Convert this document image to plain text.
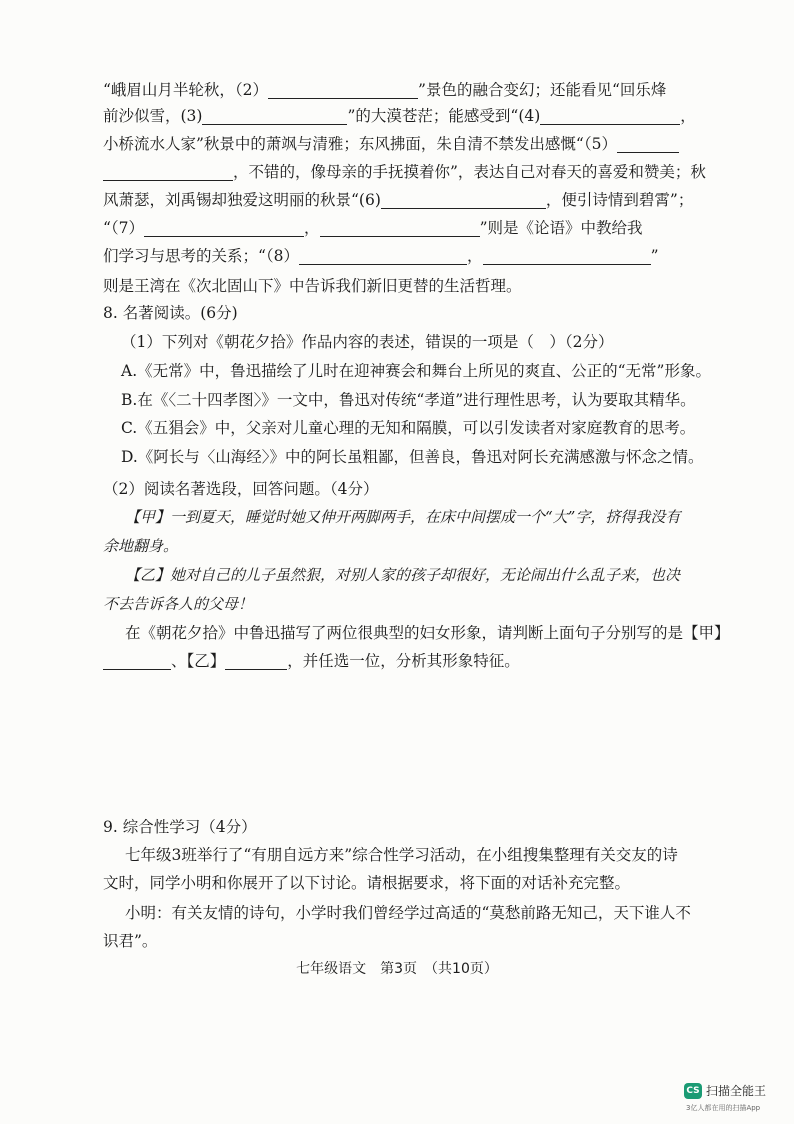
“峨眉山月半轮秋，（2）	”景色的融合变幻；还能看见“回乐烽
前沙似雪，(3)	”的大漠苍茫；能感受到“(4)	，
小桥流水人家”秋景中的萧飒与清雅；东风拂面，朱自清不禁发出感慨“（5）
，不错的，像母亲的手抚摸着你”，表达自己对春天的喜爱和赞美；秋
风萧瑟，刘禹锡却独爱这明丽的秋景“(6)	，便引诗情到碧霄”；
“（7）	，	”则是《论语》中教给我
们学习与思考的关系；“（8）	，	”
则是王湾在《次北固山下》中告诉我们新旧更替的生活哲理。
8. 名著阅读。(6分)
（1）下列对《朝花夕拾》作品内容的表述，错误的一项是（　）（2分）
A.《无常》中，鲁迅描绘了儿时在迎神赛会和舞台上所见的爽直、公正的“无常”形象。
B.在《〈二十四孝图〉》一文中，鲁迅对传统“孝道”进行理性思考，认为要取其精华。
C.《五猖会》中，父亲对儿童心理的无知和隔膜，可以引发读者对家庭教育的思考。
D.《阿长与〈山海经〉》中的阿长虽粗鄙，但善良，鲁迅对阿长充满感激与怀念之情。
（2）阅读名著选段，回答问题。（4分）
【甲】一到夏天，睡觉时她又伸开两脚两手，在床中间摆成一个“大”字，挤得我没有
余地翻身。
【乙】她对自己的儿子虽然狠，对别人家的孩子却很好，无论闹出什么乱子来，也决
不去告诉各人的父母！
在《朝花夕拾》中鲁迅描写了两位很典型的妇女形象，请判断上面句子分别写的是【甲】
、【乙】	，并任选一位，分析其形象特征。
9. 综合性学习（4分）
七年级3班举行了“有朋自远方来”综合性学习活动，在小组搜集整理有关交友的诗
文时，同学小明和你展开了以下讨论。请根据要求，将下面的对话补充完整。
小明：有关友情的诗句，小学时我们曾经学过高适的“莫愁前路无知己，天下谁人不
识君”。
七年级语文　第3页　（共10页）
CS 扫描全能王
3亿人都在用的扫描App
